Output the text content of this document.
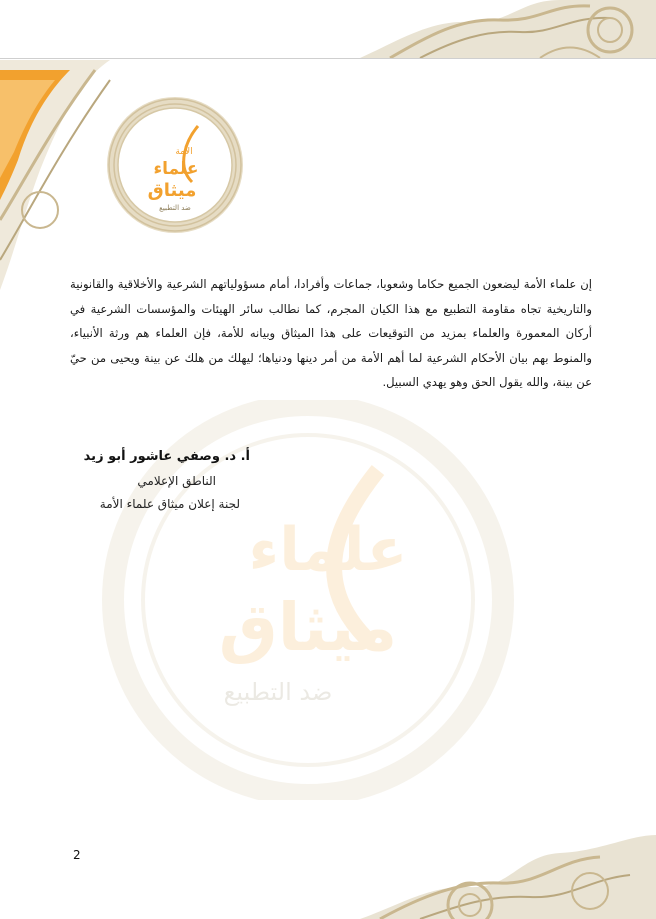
الأمة
علماء
ميثاق
ضد التطبيع
علماء
ميثاق
ضد التطبيع
إن علماء الأمة ليضعون الجميع حكاما وشعوبا، جماعات وأفرادا، أمام مسؤولياتهم الشرعية والأخلاقية والقانونية والتاريخية تجاه مقاومة التطبيع مع هذا الكيان المجرم، كما نطالب سائر الهيئات والمؤسسات الشرعية في أركان المعمورة والعلماء بمزيد من التوقيعات على هذا الميثاق وبيانه للأمة، فإن العلماء هم ورثة الأنبياء، والمنوط بهم بيان الأحكام الشرعية لما أهم الأمة من أمر دينها ودنياها؛ ليهلك من هلك عن بينة ويحيى من حيّ عن بينة، والله يقول الحق وهو يهدي السبيل.
أ. د. وصفي عاشور أبو زيد
الناطق الإعلامي
لجنة إعلان ميثاق علماء الأمة
2
